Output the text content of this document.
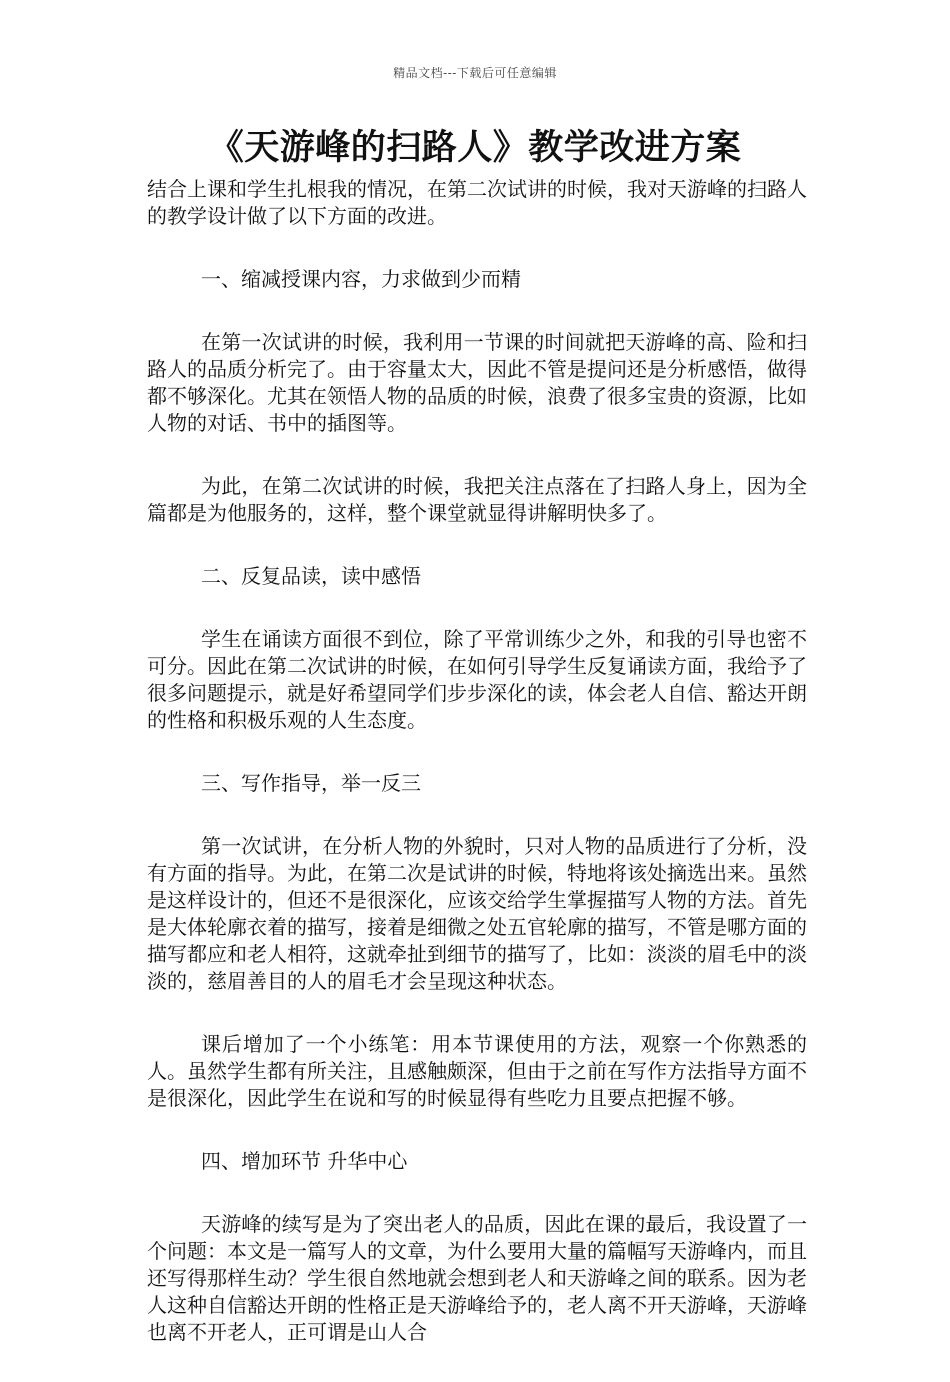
精品文档---下载后可任意编辑
《天游峰的扫路人》教学改进方案

结合上课和学生扎根我的情况，在第二次试讲的时候，我对天游峰的扫路人的教学设计做了以下方面的改进。

一、缩减授课内容，力求做到少而精

在第一次试讲的时候，我利用一节课的时间就把天游峰的高、险和扫路人的品质分析完了。由于容量太大，因此不管是提问还是分析感悟，做得都不够深化。尤其在领悟人物的品质的时候，浪费了很多宝贵的资源，比如人物的对话、书中的插图等。

为此，在第二次试讲的时候，我把关注点落在了扫路人身上，因为全篇都是为他服务的，这样，整个课堂就显得讲解明快多了。

二、反复品读，读中感悟

学生在诵读方面很不到位，除了平常训练少之外，和我的引导也密不可分。因此在第二次试讲的时候，在如何引导学生反复诵读方面，我给予了很多问题提示，就是好希望同学们步步深化的读，体会老人自信、豁达开朗的性格和积极乐观的人生态度。

三、写作指导，举一反三

第一次试讲，在分析人物的外貌时，只对人物的品质进行了分析，没有方面的指导。为此，在第二次是试讲的时候，特地将该处摘选出来。虽然是这样设计的，但还不是很深化，应该交给学生掌握描写人物的方法。首先是大体轮廓衣着的描写，接着是细微之处五官轮廓的描写，不管是哪方面的描写都应和老人相符，这就牵扯到细节的描写了，比如：淡淡的眉毛中的淡淡的，慈眉善目的人的眉毛才会呈现这种状态。

课后增加了一个小练笔：用本节课使用的方法，观察一个你熟悉的人。虽然学生都有所关注，且感触颇深，但由于之前在写作方法指导方面不是很深化，因此学生在说和写的时候显得有些吃力且要点把握不够。

四、增加环节 升华中心

天游峰的续写是为了突出老人的品质，因此在课的最后，我设置了一个问题：本文是一篇写人的文章，为什么要用大量的篇幅写天游峰内，而且还写得那样生动？学生很自然地就会想到老人和天游峰之间的联系。因为老人这种自信豁达开朗的性格正是天游峰给予的，老人离不开天游峰，天游峰也离不开老人，正可谓是山人合
